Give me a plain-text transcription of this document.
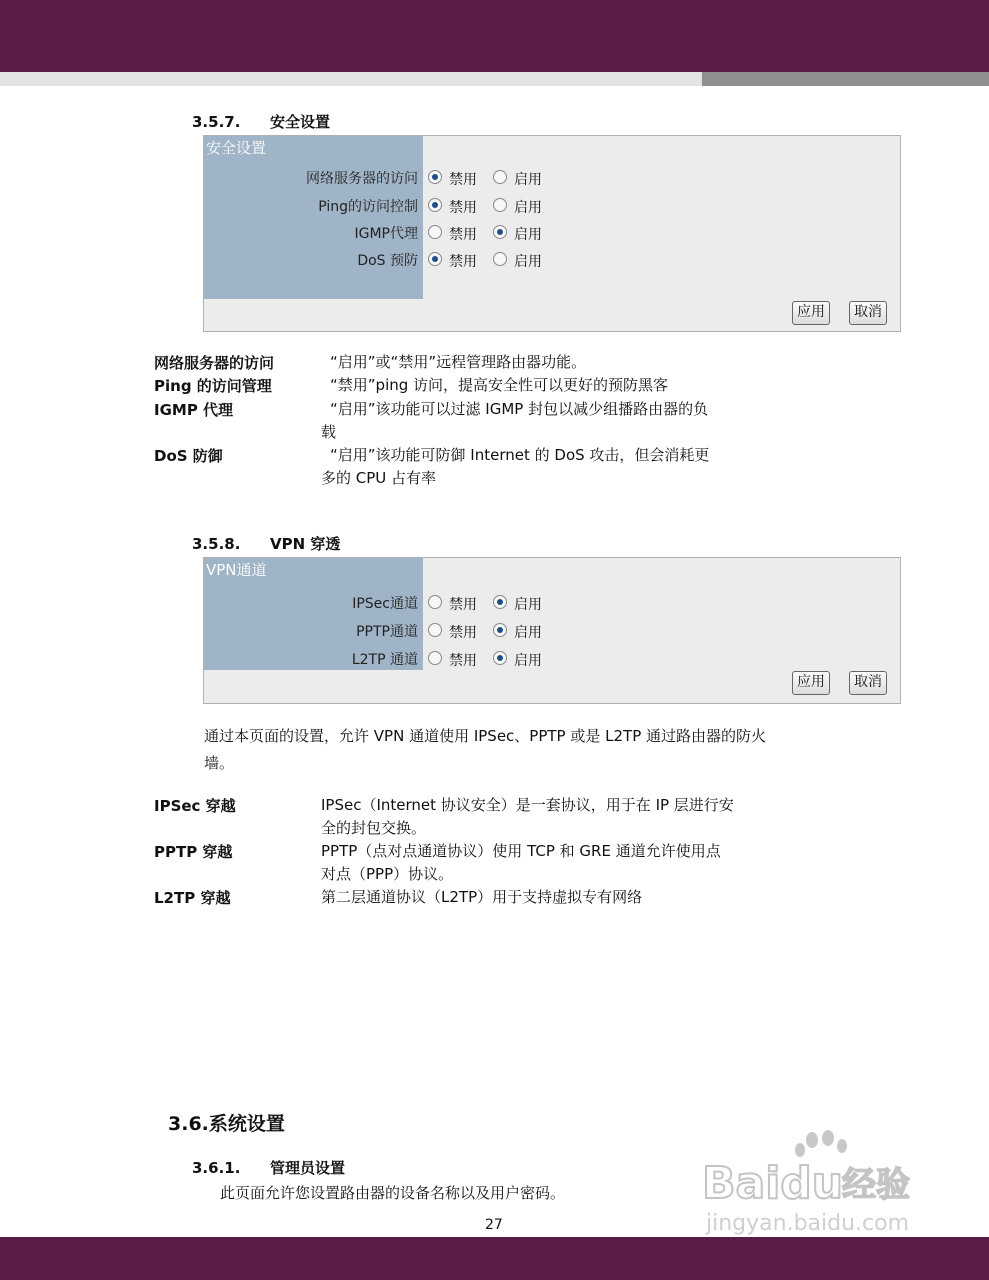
3.5.7. 安全设置
安全设置
网络服务器的访问 禁用	启用
Ping的访问控制 禁用	启用
IGMP代理 禁用	启用
DoS 预防 禁用	启用
应用	取消
网络服务器的访问	“启用”或“禁用”远程管理路由器功能。
Ping 的访问管理	“禁用”ping 访问，提高安全性可以更好的预防黑客
IGMP 代理	“启用”该功能可以过滤 IGMP 封包以减少组播路由器的负
载
DoS 防御	“启用”该功能可防御 Internet 的 DoS 攻击，但会消耗更
多的 CPU 占有率
3.5.8. VPN 穿透
VPN通道
IPSec通道 禁用	启用
PPTP通道 禁用	启用
L2TP 通道 禁用	启用
应用	取消
通过本页面的设置，允许 VPN 通道使用 IPSec、PPTP 或是 L2TP 通过路由器的防火
墙。
IPSec 穿越	IPSec（Internet 协议安全）是一套协议，用于在 IP 层进行安
全的封包交换。
PPTP 穿越	PPTP（点对点通道协议）使用 TCP 和 GRE 通道允许使用点
对点（PPP）协议。
L2TP 穿越	第二层通道协议（L2TP）用于支持虚拟专有网络
3.6.系统设置
3.6.1. 管理员设置
此页面允许您设置路由器的设备名称以及用户密码。	Baidu
经验
jingyan.baidu.com
27
